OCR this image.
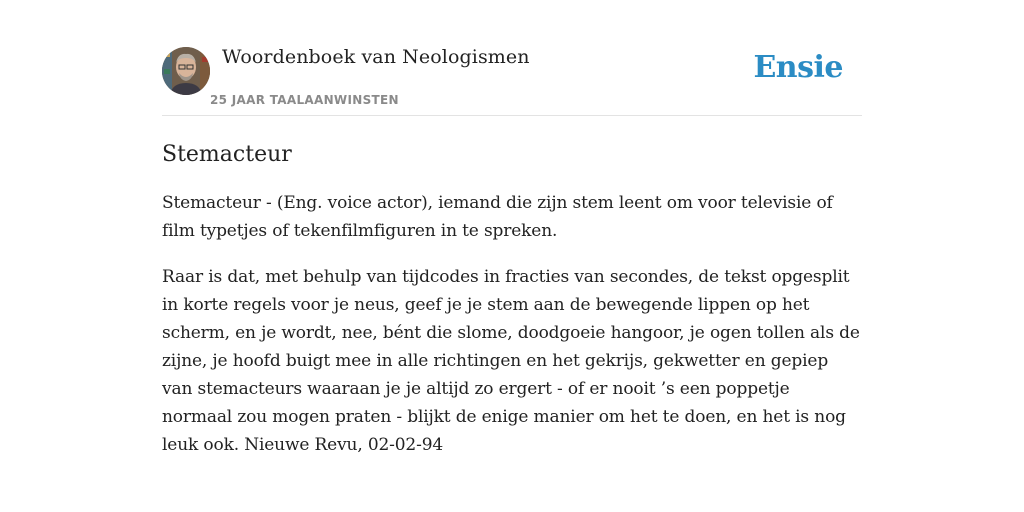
Woordenboek van Neologismen
25 JAAR TAALAANWINSTEN
Ensie
Stemacteur

Stemacteur - (Eng. voice actor), iemand die zijn stem leent om voor televisie of film typetjes of tekenfilmfiguren in te spreken.

Raar is dat, met behulp van tijdcodes in fracties van secondes, de tekst opgesplit in korte regels voor je neus, geef je je stem aan de bewegende lippen op het scherm, en je wordt, nee, bént die slome, doodgoeie hangoor, je ogen tollen als de zijne, je hoofd buigt mee in alle richtingen en het gekrijs, gekwetter en gepiep van stemacteurs waaraan je je altijd zo ergert - of er nooit ’s een poppetje normaal zou mogen praten - blijkt de enige manier om het te doen, en het is nog leuk ook. Nieuwe Revu, 02-02-94
